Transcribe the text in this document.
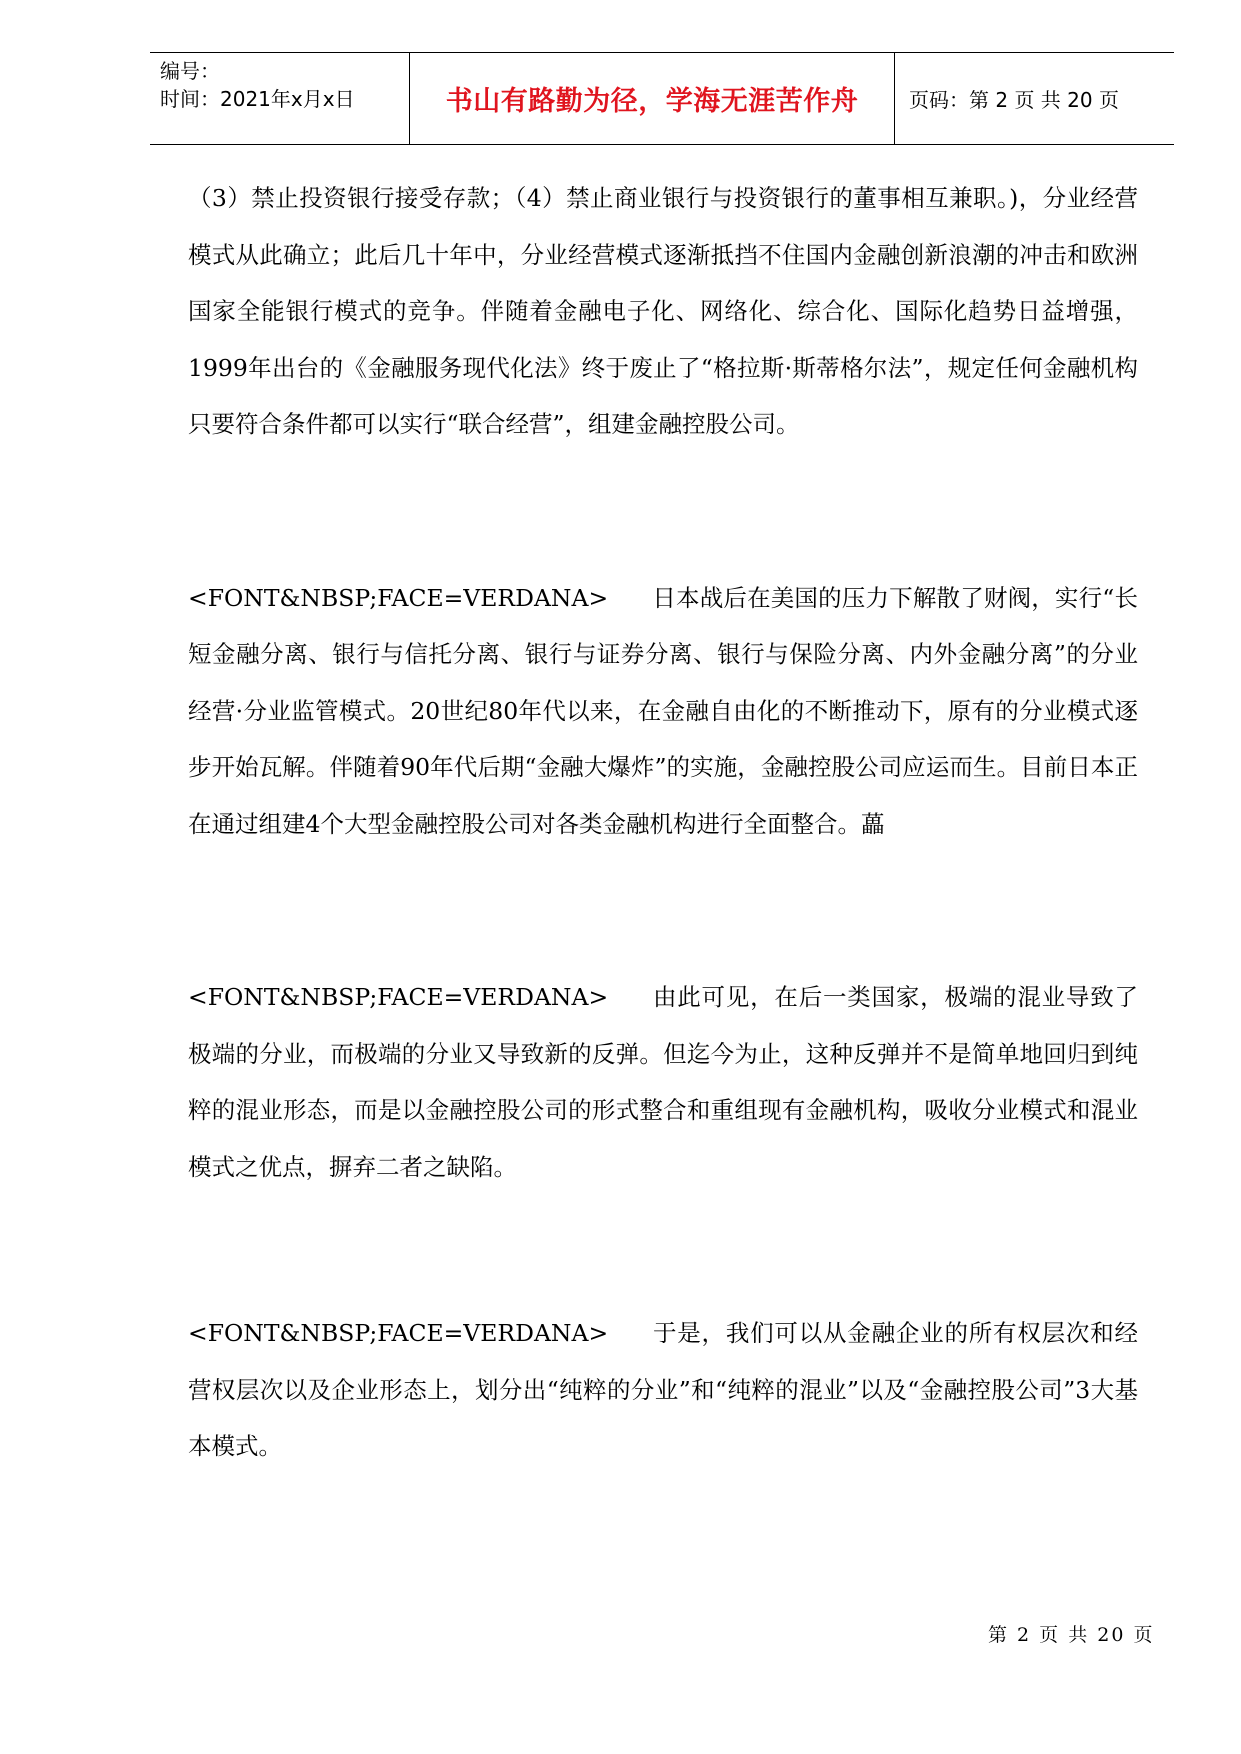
编号：
时间：2021年x月x日	书山有路勤为径，学海无涯苦作舟	页码：第 2 页 共 20 页

（3）禁止投资银行接受存款；（4）禁止商业银行与投资银行的董事相互兼职。)，分业经营模式从此确立；此后几十年中，分业经营模式逐渐抵挡不住国内金融创新浪潮的冲击和欧洲国家全能银行模式的竞争。伴随着金融电子化、网络化、综合化、国际化趋势日益增强，1999年出台的《金融服务现代化法》终于废止了“格拉斯·斯蒂格尔法”，规定任何金融机构只要符合条件都可以实行“联合经营”，组建金融控股公司。

<FONT&NBSP;FACE=VERDANA> 日本战后在美国的压力下解散了财阀，实行“长短金融分离、银行与信托分离、银行与证券分离、银行与保险分离、内外金融分离”的分业经营·分业监管模式。20世纪80年代以来，在金融自由化的不断推动下，原有的分业模式逐步开始瓦解。伴随着90年代后期“金融大爆炸”的实施，金融控股公司应运而生。目前日本正在通过组建4个大型金融控股公司对各类金融机构进行全面整合。藟

<FONT&NBSP;FACE=VERDANA> 由此可见，在后一类国家，极端的混业导致了极端的分业，而极端的分业又导致新的反弹。但迄今为止，这种反弹并不是简单地回归到纯粹的混业形态，而是以金融控股公司的形式整合和重组现有金融机构，吸收分业模式和混业模式之优点，摒弃二者之缺陷。

<FONT&NBSP;FACE=VERDANA> 于是，我们可以从金融企业的所有权层次和经营权层次以及企业形态上，划分出“纯粹的分业”和“纯粹的混业”以及“金融控股公司”3大基本模式。

第 2 页 共 20 页
